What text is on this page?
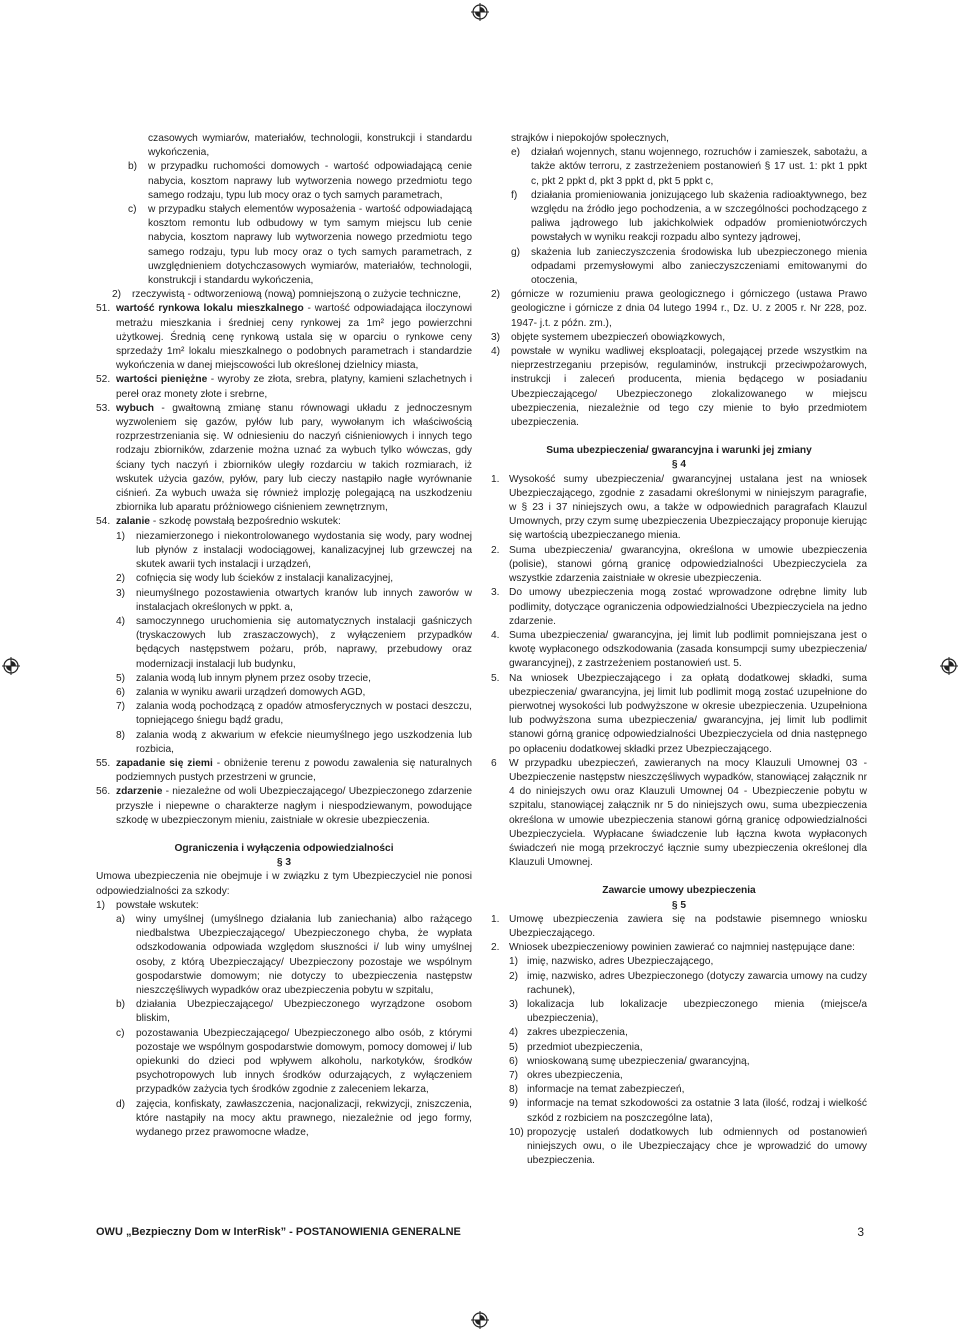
czasowych wymiarów, materiałów, technologii, konstrukcji i standardu wykończenia,

b)	w przypadku ruchomości domowych - wartość odpowiadającą cenie nabycia, kosztom naprawy lub wytworzenia nowego przedmiotu tego samego rodzaju, typu lub mocy oraz o tych samych parametrach,
c)	w przypadku stałych elementów wyposażenia - wartość odpowiadającą kosztom remontu lub odbudowy w tym samym miejscu lub cenie nabycia, kosztom naprawy lub wytworzenia nowego przedmiotu tego samego rodzaju, typu lub mocy oraz o tych samych parametrach, z uwzględnieniem dotychczasowych wymiarów, materiałów, technologii, konstrukcji i standardu wykończenia,
2)	rzeczywistą - odtworzeniową (nową) pomniejszoną o zużycie techniczne,
51. wartość rynkowa lokalu mieszkalnego - wartość odpowiadająca iloczynowi metrażu mieszkania i średniej ceny rynkowej za 1m² jego powierzchni użytkowej. Średnią cenę rynkową ustala się w oparciu o rynkowe ceny sprzedaży 1m² lokalu mieszkalnego o podobnych parametrach i standardzie wykończenia w danej miejscowości lub określonej dzielnicy miasta,
52. wartości pieniężne - wyroby ze złota, srebra, platyny, kamieni szlachetnych i pereł oraz monety złote i srebrne,
53. wybuch - gwałtowną zmianę stanu równowagi układu z jednoczesnym wyzwoleniem się gazów, pyłów lub pary, wywołanym ich właściwością rozprzestrzeniania się. W odniesieniu do naczyń ciśnieniowych i innych tego rodzaju zbiorników, zdarzenie można uznać za wybuch tylko wówczas, gdy ściany tych naczyń i zbiorników uległy rozdarciu w takich rozmiarach, iż wskutek użycia gazów, pyłów, pary lub cieczy nastąpiło nagłe wyrównanie ciśnień. Za wybuch uważa się również implozję polegającą na uszkodzeniu zbiornika lub aparatu próżniowego ciśnieniem zewnętrznym,
54. zalanie - szkodę powstałą bezpośrednio wskutek:
1)	niezamierzonego i niekontrolowanego wydostania się wody, pary wodnej lub płynów z instalacji wodociągowej, kanalizacyjnej lub grzewczej na skutek awarii tych instalacji i urządzeń,
2)	cofnięcia się wody lub ścieków z instalacji kanalizacyjnej,
3)	nieumyślnego pozostawienia otwartych kranów lub innych zaworów w instalacjach określonych w ppkt. a,
4)	samoczynnego uruchomienia się automatycznych instalacji gaśniczych (tryskaczowych lub zraszaczowych), z wyłączeniem przypadków będących następstwem pożaru, prób, naprawy, przebudowy oraz modernizacji instalacji lub budynku,
5)	zalania wodą lub innym płynem przez osoby trzecie,
6)	zalania w wyniku awarii urządzeń domowych AGD,
7)	zalania wodą pochodzącą z opadów atmosferycznych w postaci deszczu, topniejącego śniegu bądź gradu,
8)	zalania wodą z akwarium w efekcie nieumyślnego jego uszkodzenia lub rozbicia,
55. zapadanie się ziemi - obniżenie terenu z powodu zawalenia się naturalnych podziemnych pustych przestrzeni w gruncie,
56. zdarzenie - niezależne od woli Ubezpieczającego/ Ubezpieczonego zdarzenie przyszłe i niepewne o charakterze nagłym i niespodziewanym, powodujące szkodę w ubezpieczonym mieniu, zaistniałe w okresie ubezpieczenia.
Ograniczenia i wyłączenia odpowiedzialności
§ 3

Umowa ubezpieczenia nie obejmuje i w związku z tym Ubezpieczyciel nie ponosi odpowiedzialności za szkody:

1)	powstałe wskutek:
a)	winy umyślnej (umyślnego działania lub zaniechania) albo rażącego niedbalstwa Ubezpieczającego/ Ubezpieczonego chyba, że wypłata odszkodowania odpowiada względom słuszności i/ lub winy umyślnej osoby, z którą Ubezpieczający/ Ubezpieczony pozostaje we wspólnym gospodarstwie domowym; nie dotyczy to ubezpieczenia następstw nieszczęśliwych wypadków oraz ubezpieczenia pobytu w szpitalu,
b)	działania Ubezpieczającego/ Ubezpieczonego wyrządzone osobom bliskim,
c)	pozostawania Ubezpieczającego/ Ubezpieczonego albo osób, z którymi pozostaje we wspólnym gospodarstwie domowym, pomocy domowej i/ lub opiekunki do dzieci pod wpływem alkoholu, narkotyków, środków psychotropowych lub innych środków odurzających, z wyłączeniem przypadków zażycia tych środków zgodnie z zaleceniem lekarza,
d)	zajęcia, konfiskaty, zawłaszczenia, nacjonalizacji, rekwizycji, zniszczenia, które nastąpiły na mocy aktu prawnego, niezależnie od jego formy, wydanego przez prawomocne władze,

strajków i niepokojów społecznych,

e)	działań wojennych, stanu wojennego, rozruchów i zamieszek, sabotażu, a także aktów terroru, z zastrzeżeniem postanowień § 17 ust. 1: pkt 1 ppkt c, pkt 2 ppkt d, pkt 3 ppkt d, pkt 5 ppkt c,
f)	działania promieniowania jonizującego lub skażenia radioaktywnego, bez względu na źródło jego pochodzenia, a w szczególności pochodzącego z paliwa jądrowego lub jakichkolwiek odpadów promieniotwórczych powstałych w wyniku reakcji rozpadu albo syntezy jądrowej,
g)	skażenia lub zanieczyszczenia środowiska lub ubezpieczonego mienia odpadami przemysłowymi albo zanieczyszczeniami emitowanymi do otoczenia,
2)	górnicze w rozumieniu prawa geologicznego i górniczego (ustawa Prawo geologiczne i górnicze z dnia 04 lutego 1994 r., Dz. U. z 2005 r. Nr 228, poz. 1947- j.t. z późn. zm.),
3)	objęte systemem ubezpieczeń obowiązkowych,
4)	powstałe w wyniku wadliwej eksploatacji, polegającej przede wszystkim na nieprzestrzeganiu przepisów, regulaminów, instrukcji przeciwpożarowych, instrukcji i zaleceń producenta, mienia będącego w posiadaniu Ubezpieczającego/ Ubezpieczonego zlokalizowanego w miejscu ubezpieczenia, niezależnie od tego czy mienie to było przedmiotem ubezpieczenia.
Suma ubezpieczenia/ gwarancyjna i warunki jej zmiany
§ 4
1. Wysokość sumy ubezpieczenia/ gwarancyjnej ustalana jest na wniosek Ubezpieczającego, zgodnie z zasadami określonymi w niniejszym paragrafie, w § 23 i 37 niniejszych owu, a także w odpowiednich paragrafach Klauzul Umownych, przy czym sumę ubezpieczenia Ubezpieczający proponuje kierując się wartością ubezpieczanego mienia.
2. Suma ubezpieczenia/ gwarancyjna, określona w umowie ubezpieczenia (polisie), stanowi górną granicę odpowiedzialności Ubezpieczyciela za wszystkie zdarzenia zaistniałe w okresie ubezpieczenia.
3. Do umowy ubezpieczenia mogą zostać wprowadzone odrębne limity lub podlimity, dotyczące ograniczenia odpowiedzialności Ubezpieczyciela na jedno zdarzenie.
4. Suma ubezpieczenia/ gwarancyjna, jej limit lub podlimit pomniejszana jest o kwotę wypłaconego odszkodowania (zasada konsumpcji sumy ubezpieczenia/ gwarancyjnej), z zastrzeżeniem postanowień ust. 5.
5. Na wniosek Ubezpieczającego i za opłatą dodatkowej składki, suma ubezpieczenia/ gwarancyjna, jej limit lub podlimit mogą zostać uzupełnione do pierwotnej wysokości lub podwyższone w okresie ubezpieczenia. Uzupełniona lub podwyższona suma ubezpieczenia/ gwarancyjna, jej limit lub podlimit stanowi górną granicę odpowiedzialności Ubezpieczyciela od dnia następnego po opłaceniu dodatkowej składki przez Ubezpieczającego.
6	W przypadku ubezpieczeń, zawieranych na mocy Klauzuli Umownej 03 - Ubezpieczenie następstw nieszczęśliwych wypadków, stanowiącej załącznik nr 4 do niniejszych owu oraz Klauzuli Umownej 04 - Ubezpieczenie pobytu w szpitalu, stanowiącej załącznik nr 5 do niniejszych owu, suma ubezpieczenia określona w umowie ubezpieczenia stanowi górną granicę odpowiedzialności Ubezpieczyciela. Wypłacane świadczenie lub łączna kwota wypłaconych świadczeń nie mogą przekroczyć łącznie sumy ubezpieczenia określonej dla Klauzuli Umownej.
Zawarcie umowy ubezpieczenia
§ 5
1. Umowę ubezpieczenia zawiera się na podstawie pisemnego wniosku Ubezpieczającego.
2. Wniosek ubezpieczeniowy powinien zawierać co najmniej następujące dane:
1) imię, nazwisko, adres Ubezpieczającego,
2) imię, nazwisko, adres Ubezpieczonego (dotyczy zawarcia umowy na cudzy rachunek),
3) lokalizacja lub lokalizacje ubezpieczonego mienia (miejsce/a ubezpieczenia),
4) zakres ubezpieczenia,
5) przedmiot ubezpieczenia,
6) wnioskowaną sumę ubezpieczenia/ gwarancyjną,
7) okres ubezpieczenia,
8) informacje na temat zabezpieczeń,
9) informacje na temat szkodowości za ostatnie 3 lata (ilość, rodzaj i wielkość szkód z rozbiciem na poszczególne lata),
10) propozycję ustaleń dodatkowych lub odmiennych od postanowień niniejszych owu, o ile Ubezpieczający chce je wprowadzić do umowy ubezpieczenia.
OWU „Bezpieczny Dom w InterRisk” - POSTANOWIENIA GENERALNE	3
